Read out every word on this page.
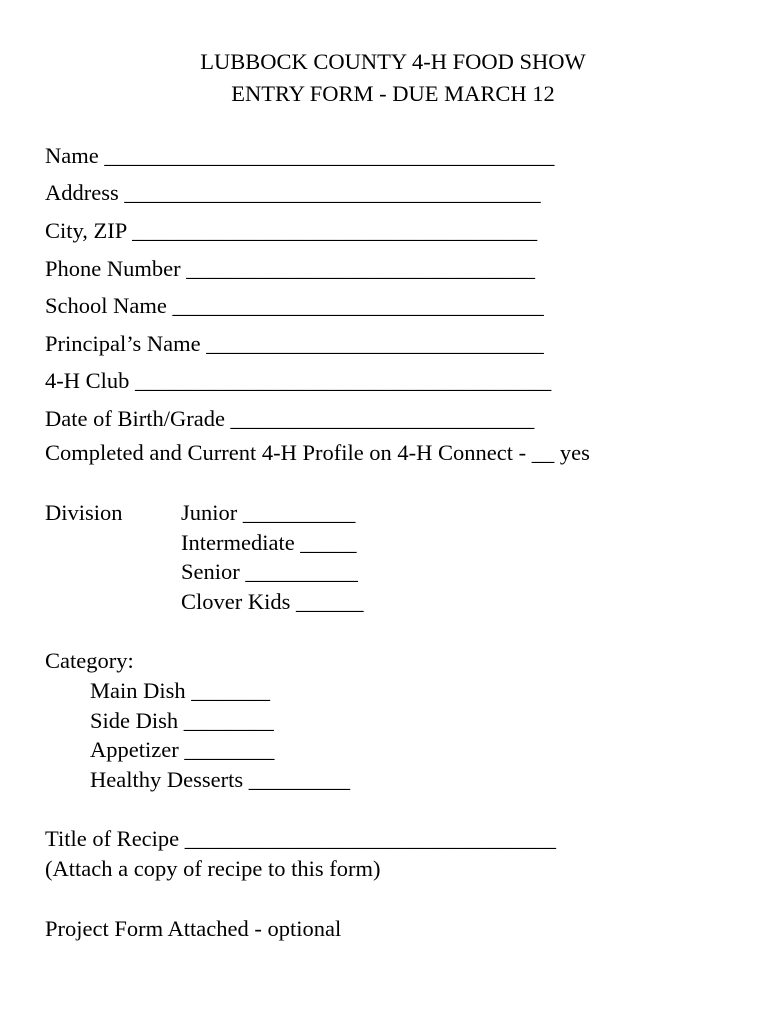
LUBBOCK COUNTY 4-H FOOD SHOW
ENTRY FORM - DUE MARCH 12
Name ________________________________________
Address _____________________________________
City, ZIP ____________________________________
Phone Number _______________________________
School Name _________________________________
Principal’s Name ______________________________
4-H Club _____________________________________
Date of Birth/Grade ___________________________
Completed and Current 4-H Profile on 4-H Connect - __ yes
Division	Junior __________
Intermediate _____
Senior __________
Clover Kids ______
Category:
Main Dish _______
Side Dish ________
Appetizer ________
Healthy Desserts _________
Title of Recipe _________________________________
(Attach a copy of recipe to this form)
Project Form Attached - optional
